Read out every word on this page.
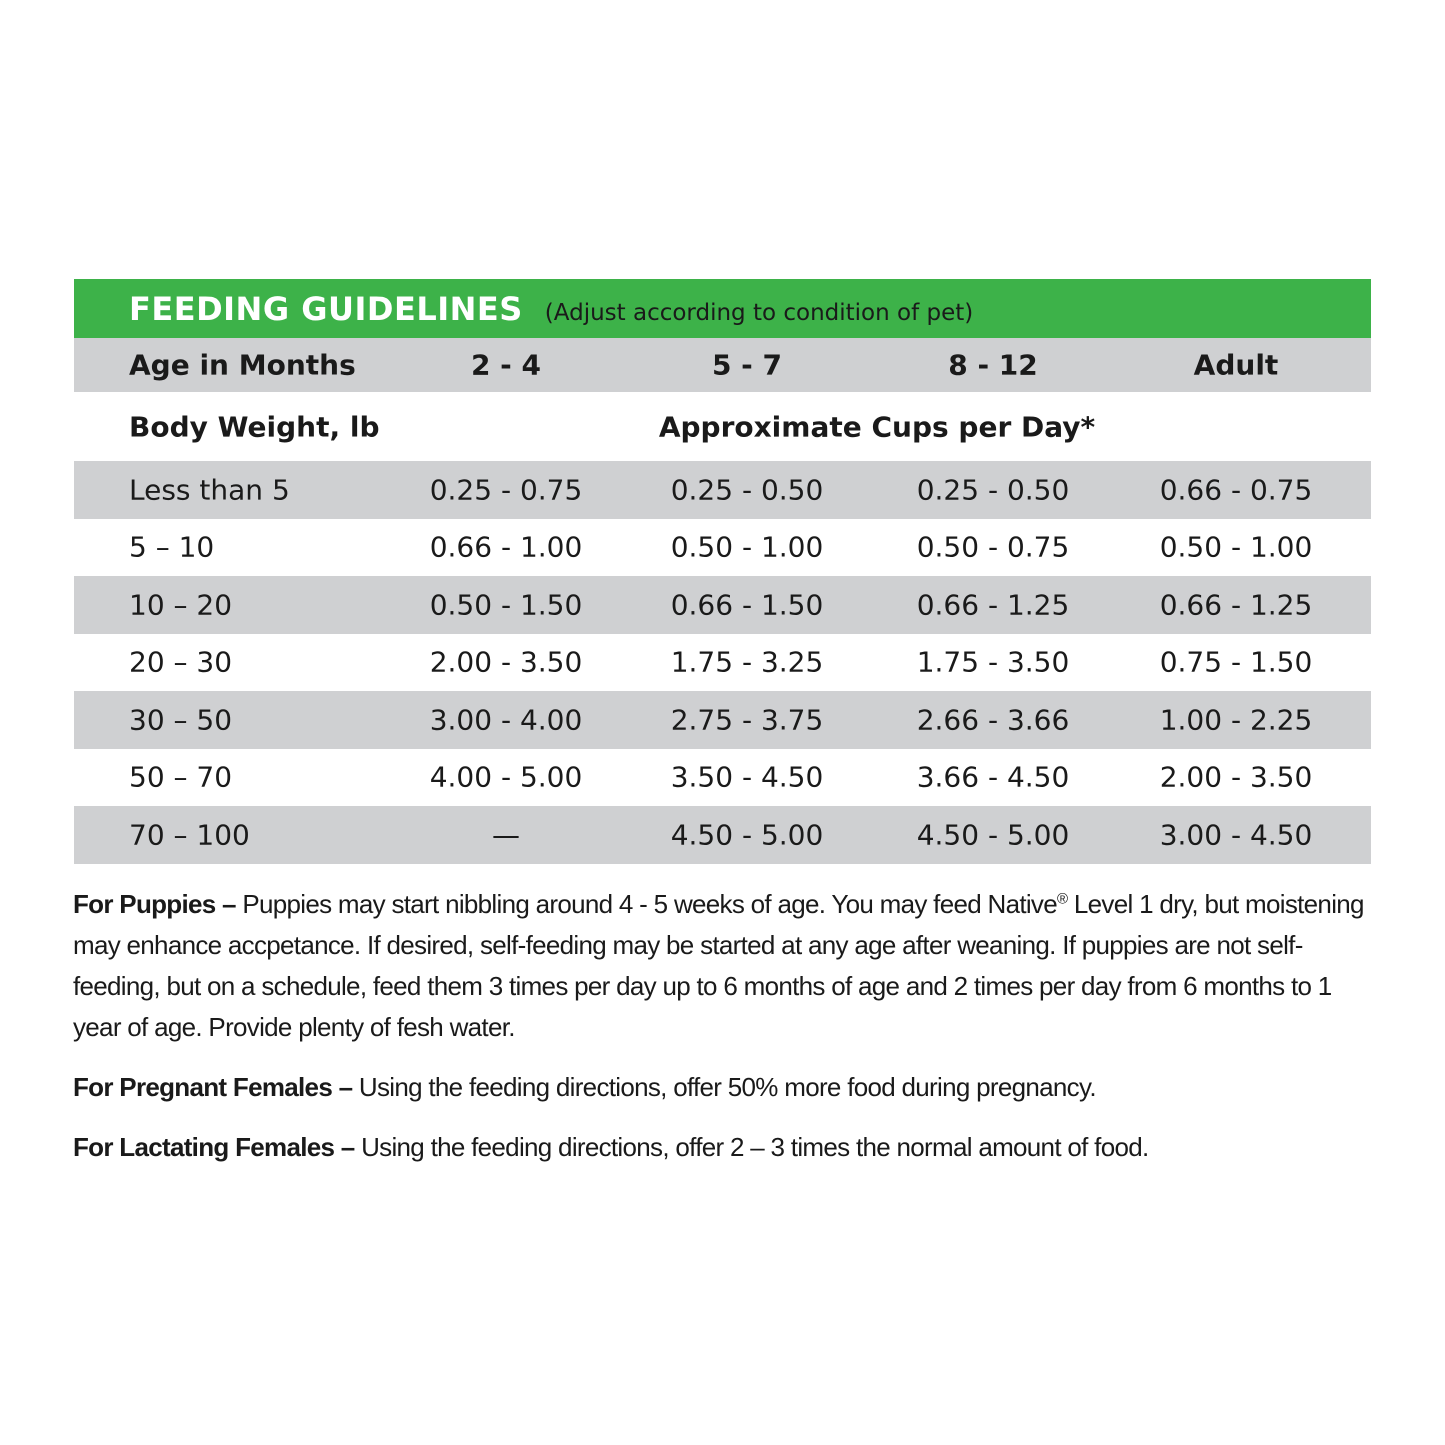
FEEDING GUIDELINES (Adjust according to condition of pet)
Age in Months	2 - 4	5 - 7	8 - 12	Adult
Body Weight, lb	Approximate Cups per Day*
Less than 5	0.25 - 0.75	0.25 - 0.50	0.25 - 0.50	0.66 - 0.75
5 – 10	0.66 - 1.00	0.50 - 1.00	0.50 - 0.75	0.50 - 1.00
10 – 20	0.50 - 1.50	0.66 - 1.50	0.66 - 1.25	0.66 - 1.25
20 – 30	2.00 - 3.50	1.75 - 3.25	1.75 - 3.50	0.75 - 1.50
30 – 50	3.00 - 4.00	2.75 - 3.75	2.66 - 3.66	1.00 - 2.25
50 – 70	4.00 - 5.00	3.50 - 4.50	3.66 - 4.50	2.00 - 3.50
70 – 100	—	4.50 - 5.00	4.50 - 5.00	3.00 - 4.50

For Puppies – Puppies may start nibbling around 4 - 5 weeks of age. You may feed Native® Level 1 dry, but moistening may enhance accpetance. If desired, self-feeding may be started at any age after weaning. If puppies are not self-feeding, but on a schedule, feed them 3 times per day up to 6 months of age and 2 times per day from 6 months to 1 year of age. Provide plenty of fesh water.

For Pregnant Females – Using the feeding directions, offer 50% more food during pregnancy.

For Lactating Females – Using the feeding directions, offer 2 – 3 times the normal amount of food.
